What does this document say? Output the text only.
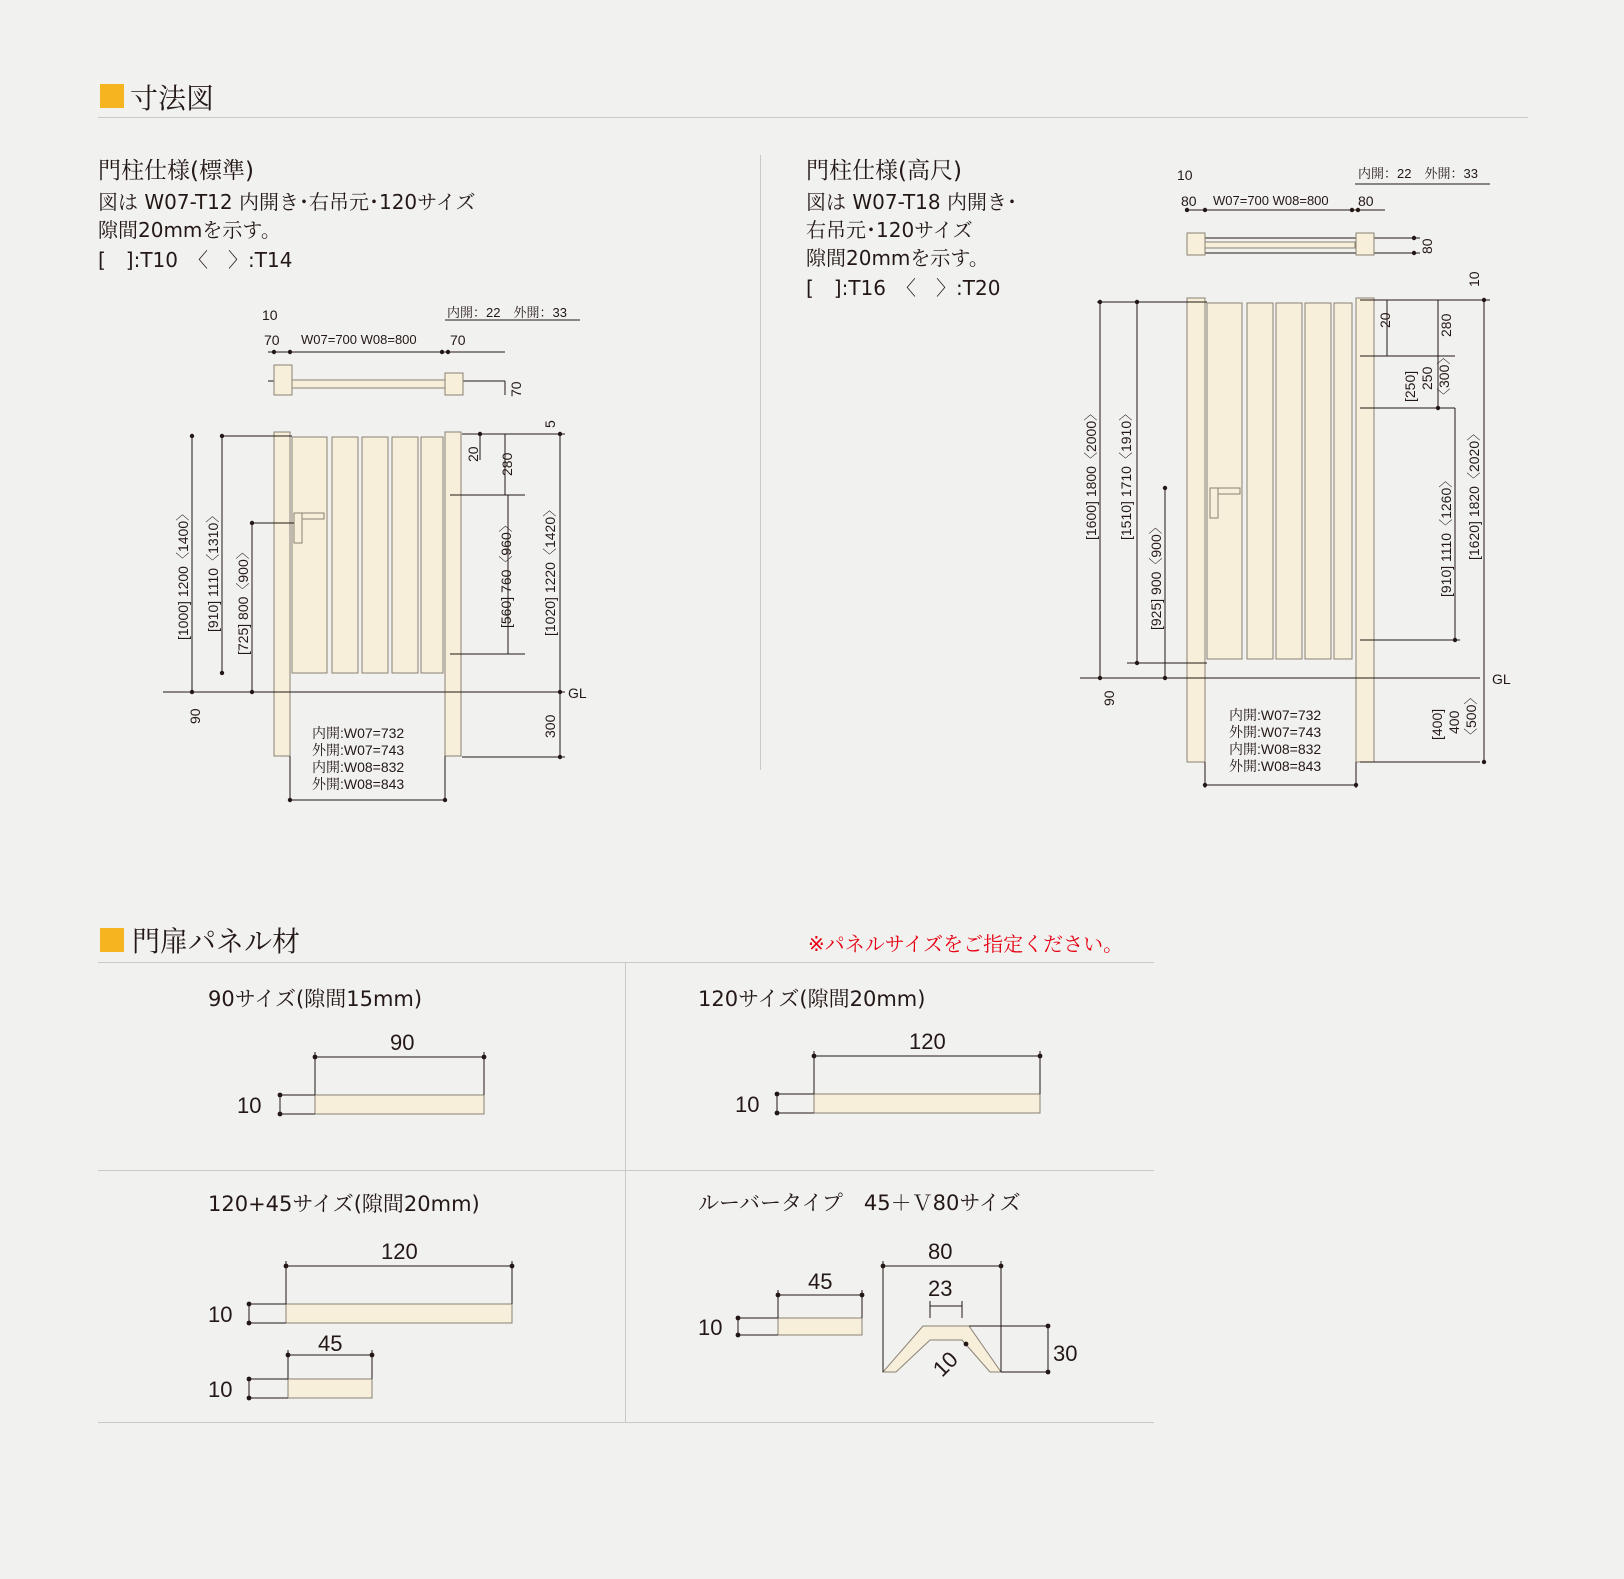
寸法図
門柱仕様(標準)
図は W07-T12 内開き･右吊元･120サイズ
隙間20mmを示す。
[　]:T10　〈　〉:T14
門柱仕様(高尺)
図は W07-T18 内開き･
右吊元･120サイズ
隙間20mmを示す。
[　]:T16　〈　〉:T20
門扉パネル材	※パネルサイズをご指定ください。
90サイズ(隙間15mm)	120サイズ(隙間20mm)
120+45サイズ(隙間20mm)	ルーバータイプ　45＋Ｖ80サイズ
10
70 W07=700 W08=800 70
内開：22　外開：33
70
[1000] 1200〈1400〉 [910] 1110〈1310〉 [725] 800〈900〉
90
20 280
[560] 760〈960〉 [1020] 1220〈1420〉
5
GL
300
内開:W07=732
外開:W07=743
内開:W08=832
外開:W08=843
10
80 W07=700 W08=800 80
内開：22　外開：33
80
[1600] 1800〈2000〉 [1510] 1710〈1910〉
[925] 900〈900〉
90
10
20	280
[250] 250 〈300〉
[910] 1110〈1260〉 [1620] 1820〈2020〉
GL
[400] 400 〈500〉
内開:W07=732
外開:W07=743
内開:W08=832
外開:W08=843
90
10
120
10
120
10
45
10
45
10
80
23
10	30
